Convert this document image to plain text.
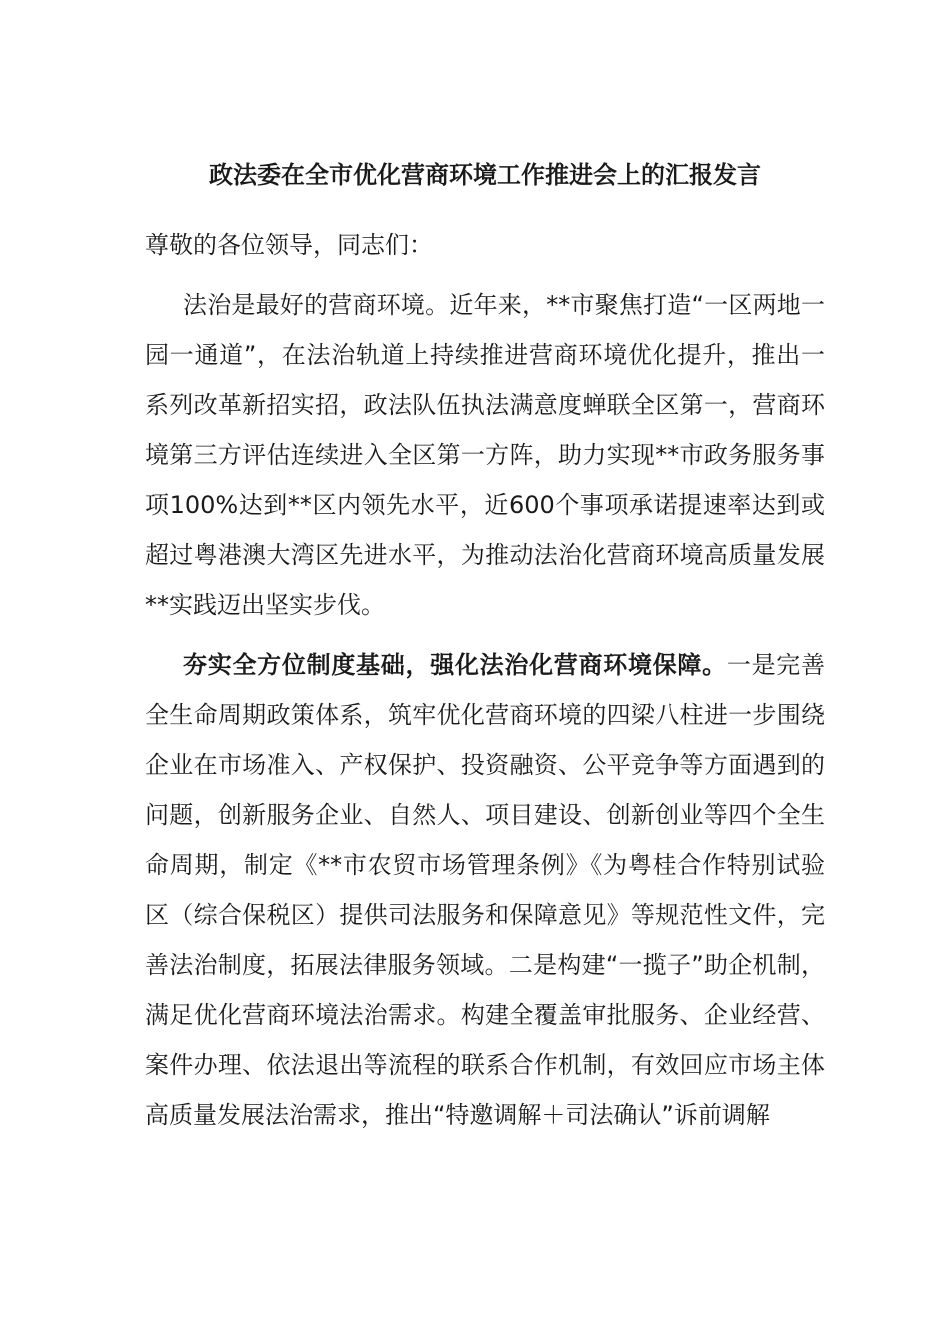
政法委在全市优化营商环境工作推进会上的汇报发言

尊敬的各位领导，同志们：

法治是最好的营商环境。近年来，**市聚焦打造“一区两地一园一通道”，在法治轨道上持续推进营商环境优化提升，推出一系列改革新招实招，政法队伍执法满意度蝉联全区第一，营商环境第三方评估连续进入全区第一方阵，助力实现**市政务服务事项100%达到**区内领先水平，近600个事项承诺提速率达到或超过粤港澳大湾区先进水平，为推动法治化营商环境高质量发展**实践迈出坚实步伐。

夯实全方位制度基础，强化法治化营商环境保障。一是完善全生命周期政策体系，筑牢优化营商环境的四梁八柱进一步围绕企业在市场准入、产权保护、投资融资、公平竞争等方面遇到的问题，创新服务企业、自然人、项目建设、创新创业等四个全生命周期，制定《**市农贸市场管理条例》《为粤桂合作特别试验区（综合保税区）提供司法服务和保障意见》等规范性文件，完善法治制度，拓展法律服务领域。二是构建“一揽子”助企机制，满足优化营商环境法治需求。构建全覆盖审批服务、企业经营、案件办理、依法退出等流程的联系合作机制，有效回应市场主体高质量发展法治需求，推出“特邀调解＋司法确认”诉前调解
